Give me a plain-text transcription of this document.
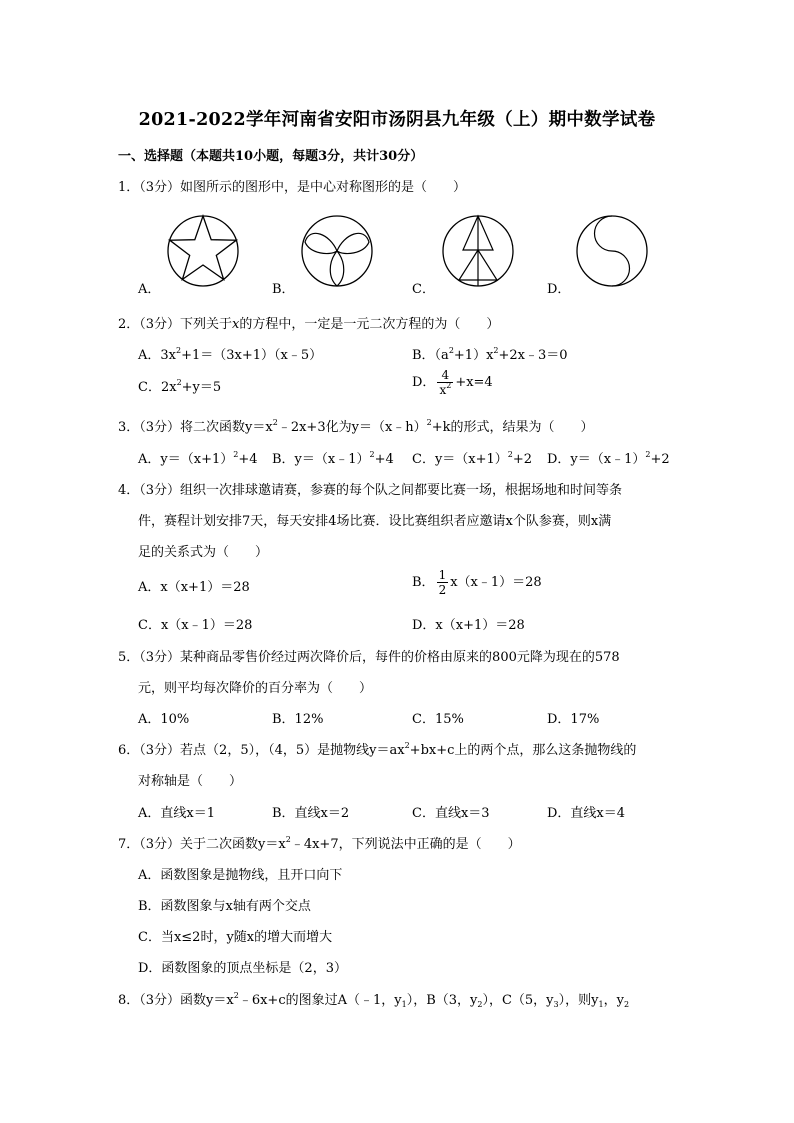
2021-2022学年河南省安阳市汤阴县九年级（上）期中数学试卷
一、选择题（本题共10小题，每题3分，共计30分）
1．（3分）如图所示的图形中，是中心对称图形的是（　　）
A．	B．	C．	D．
2．（3分）下列关于x的方程中，一定是一元二次方程的为（　　）
A．$3x^2+1=(3x+1)(x﹣5)$	B．$(a^2+1)x^2+2x﹣3=0$
C．$2x^2+y=5$	D． $\frac{4}{x^2} +x=4$
3．（3分）将二次函数$y=x^2﹣2x+3$化为y＝（x﹣h）$^2$+k的形式，结果为（　　）
A．$y=(x+1)^2+4$ B．y＝（x﹣1）$^2$+4 C．$y=(x+1)^2+2$ D．y＝（x﹣1）$^2$+2
4．（3分）组织一次排球邀请赛，参赛的每个队之间都要比赛一场，根据场地和时间等条
件，赛程计划安排7天，每天安排4场比赛．设比赛组织者应邀请x个队参赛，则x满
足的关系式为（　　）
A．x（x+1）＝28	B． $\frac{1}{2}$ x（x﹣1）＝28
C．x（x﹣1）＝28	D．x（x+1）＝28
5．（3分）某种商品零售价经过两次降价后，每件的价格由原来的800元降为现在的578
元，则平均每次降价的百分率为（　　）
A．10%	B．12%	C．15%	D．17%
6．（3分）若点（2，5），（4，5）是抛物线$y=ax^2+bx+c$上的两个点，那么这条抛物线的
对称轴是（　　）
A．直线x＝1	B．直线x＝2	C．直线x＝3	D．直线x＝4
7．（3分）关于二次函数$y=x^2﹣4x+7$，下列说法中正确的是（　　）
A．函数图象是抛物线，且开口向下
B．函数图象与x轴有两个交点
C．当x≤2时，y随x的增大而增大
D．函数图象的顶点坐标是（2，3）
8．（3分）函数$y=x^2﹣6x+c$的图象过A（﹣1，$y_1$），B（3，$y_2$），C（5，$y_3$），则$y_1$，$y_2$
